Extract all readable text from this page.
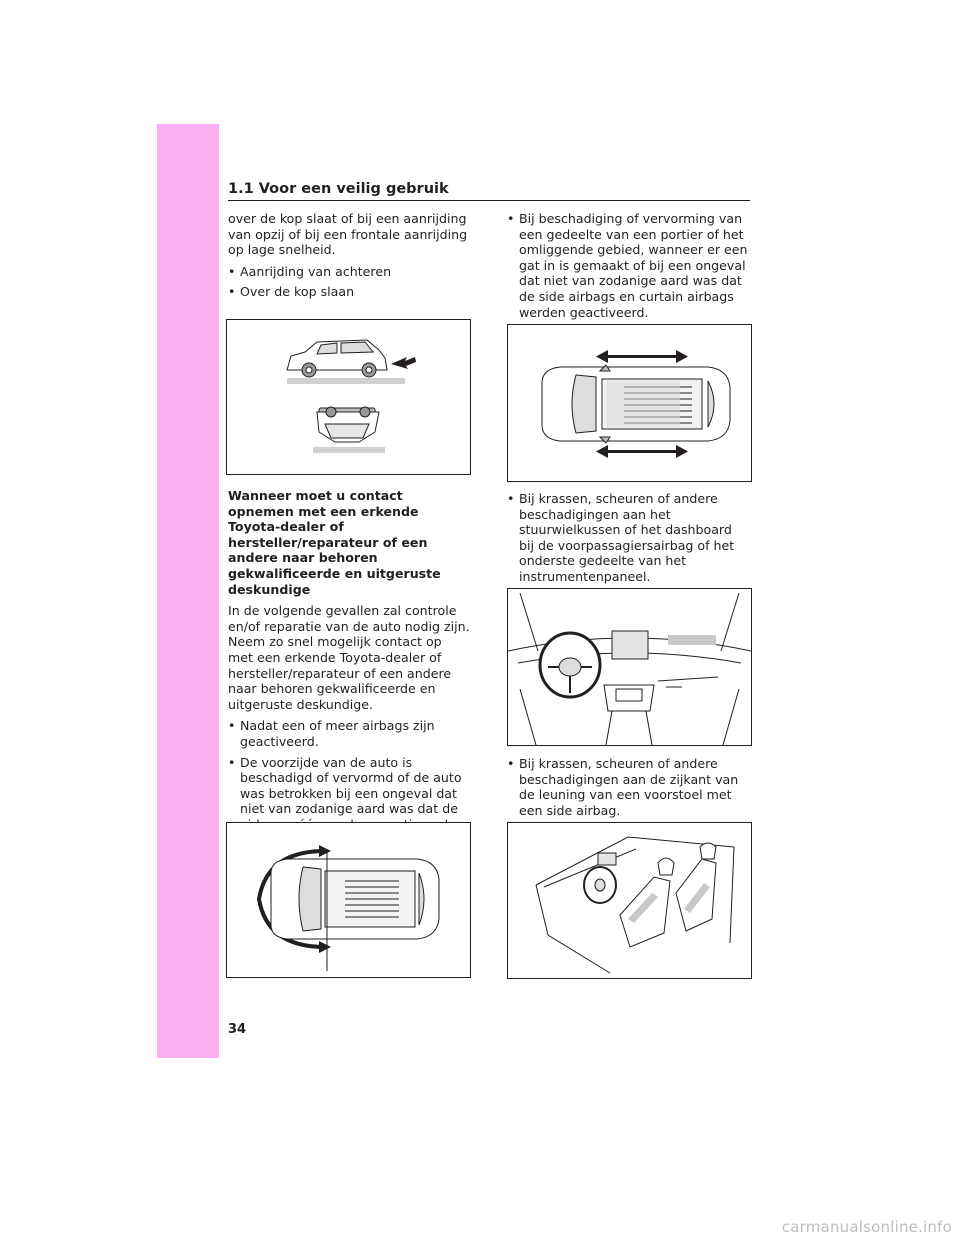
1.1 Voor een veilig gebruik

over de kop slaat of bij een aanrijding van opzij of bij een frontale aanrijding op lage snelheid.

• Aanrijding van achteren
• Over de kop slaan

Wanneer moet u contact opnemen met een erkende Toyota-dealer of hersteller/reparateur of een andere naar behoren gekwalificeerde en uitgeruste deskundige

In de volgende gevallen zal controle en/of reparatie van de auto nodig zijn. Neem zo snel mogelijk contact op met een erkende Toyota-dealer of hersteller/reparateur of een andere naar behoren gekwalificeerde en uitgeruste deskundige.

• Nadat een of meer airbags zijn geactiveerd.
• De voorzijde van de auto is beschadigd of vervormd of de auto was betrokken bij een ongeval dat niet van zodanige aard was dat de
• Bij beschadiging of vervorming van een gedeelte van een portier of het omliggende gebied, wanneer er een gat in is gemaakt of bij een ongeval dat niet van zodanige aard was dat de side airbags en curtain airbags werden geactiveerd.
• Bij krassen, scheuren of andere beschadigingen aan het stuurwielkussen of het dashboard bij de voorpassagiersairbag of het onderste gedeelte van het instrumentenpaneel.
• Bij krassen, scheuren of andere beschadigingen aan de zijkant van de leuning van een voorstoel met een side airbag.
34
carmanualsonline.info
